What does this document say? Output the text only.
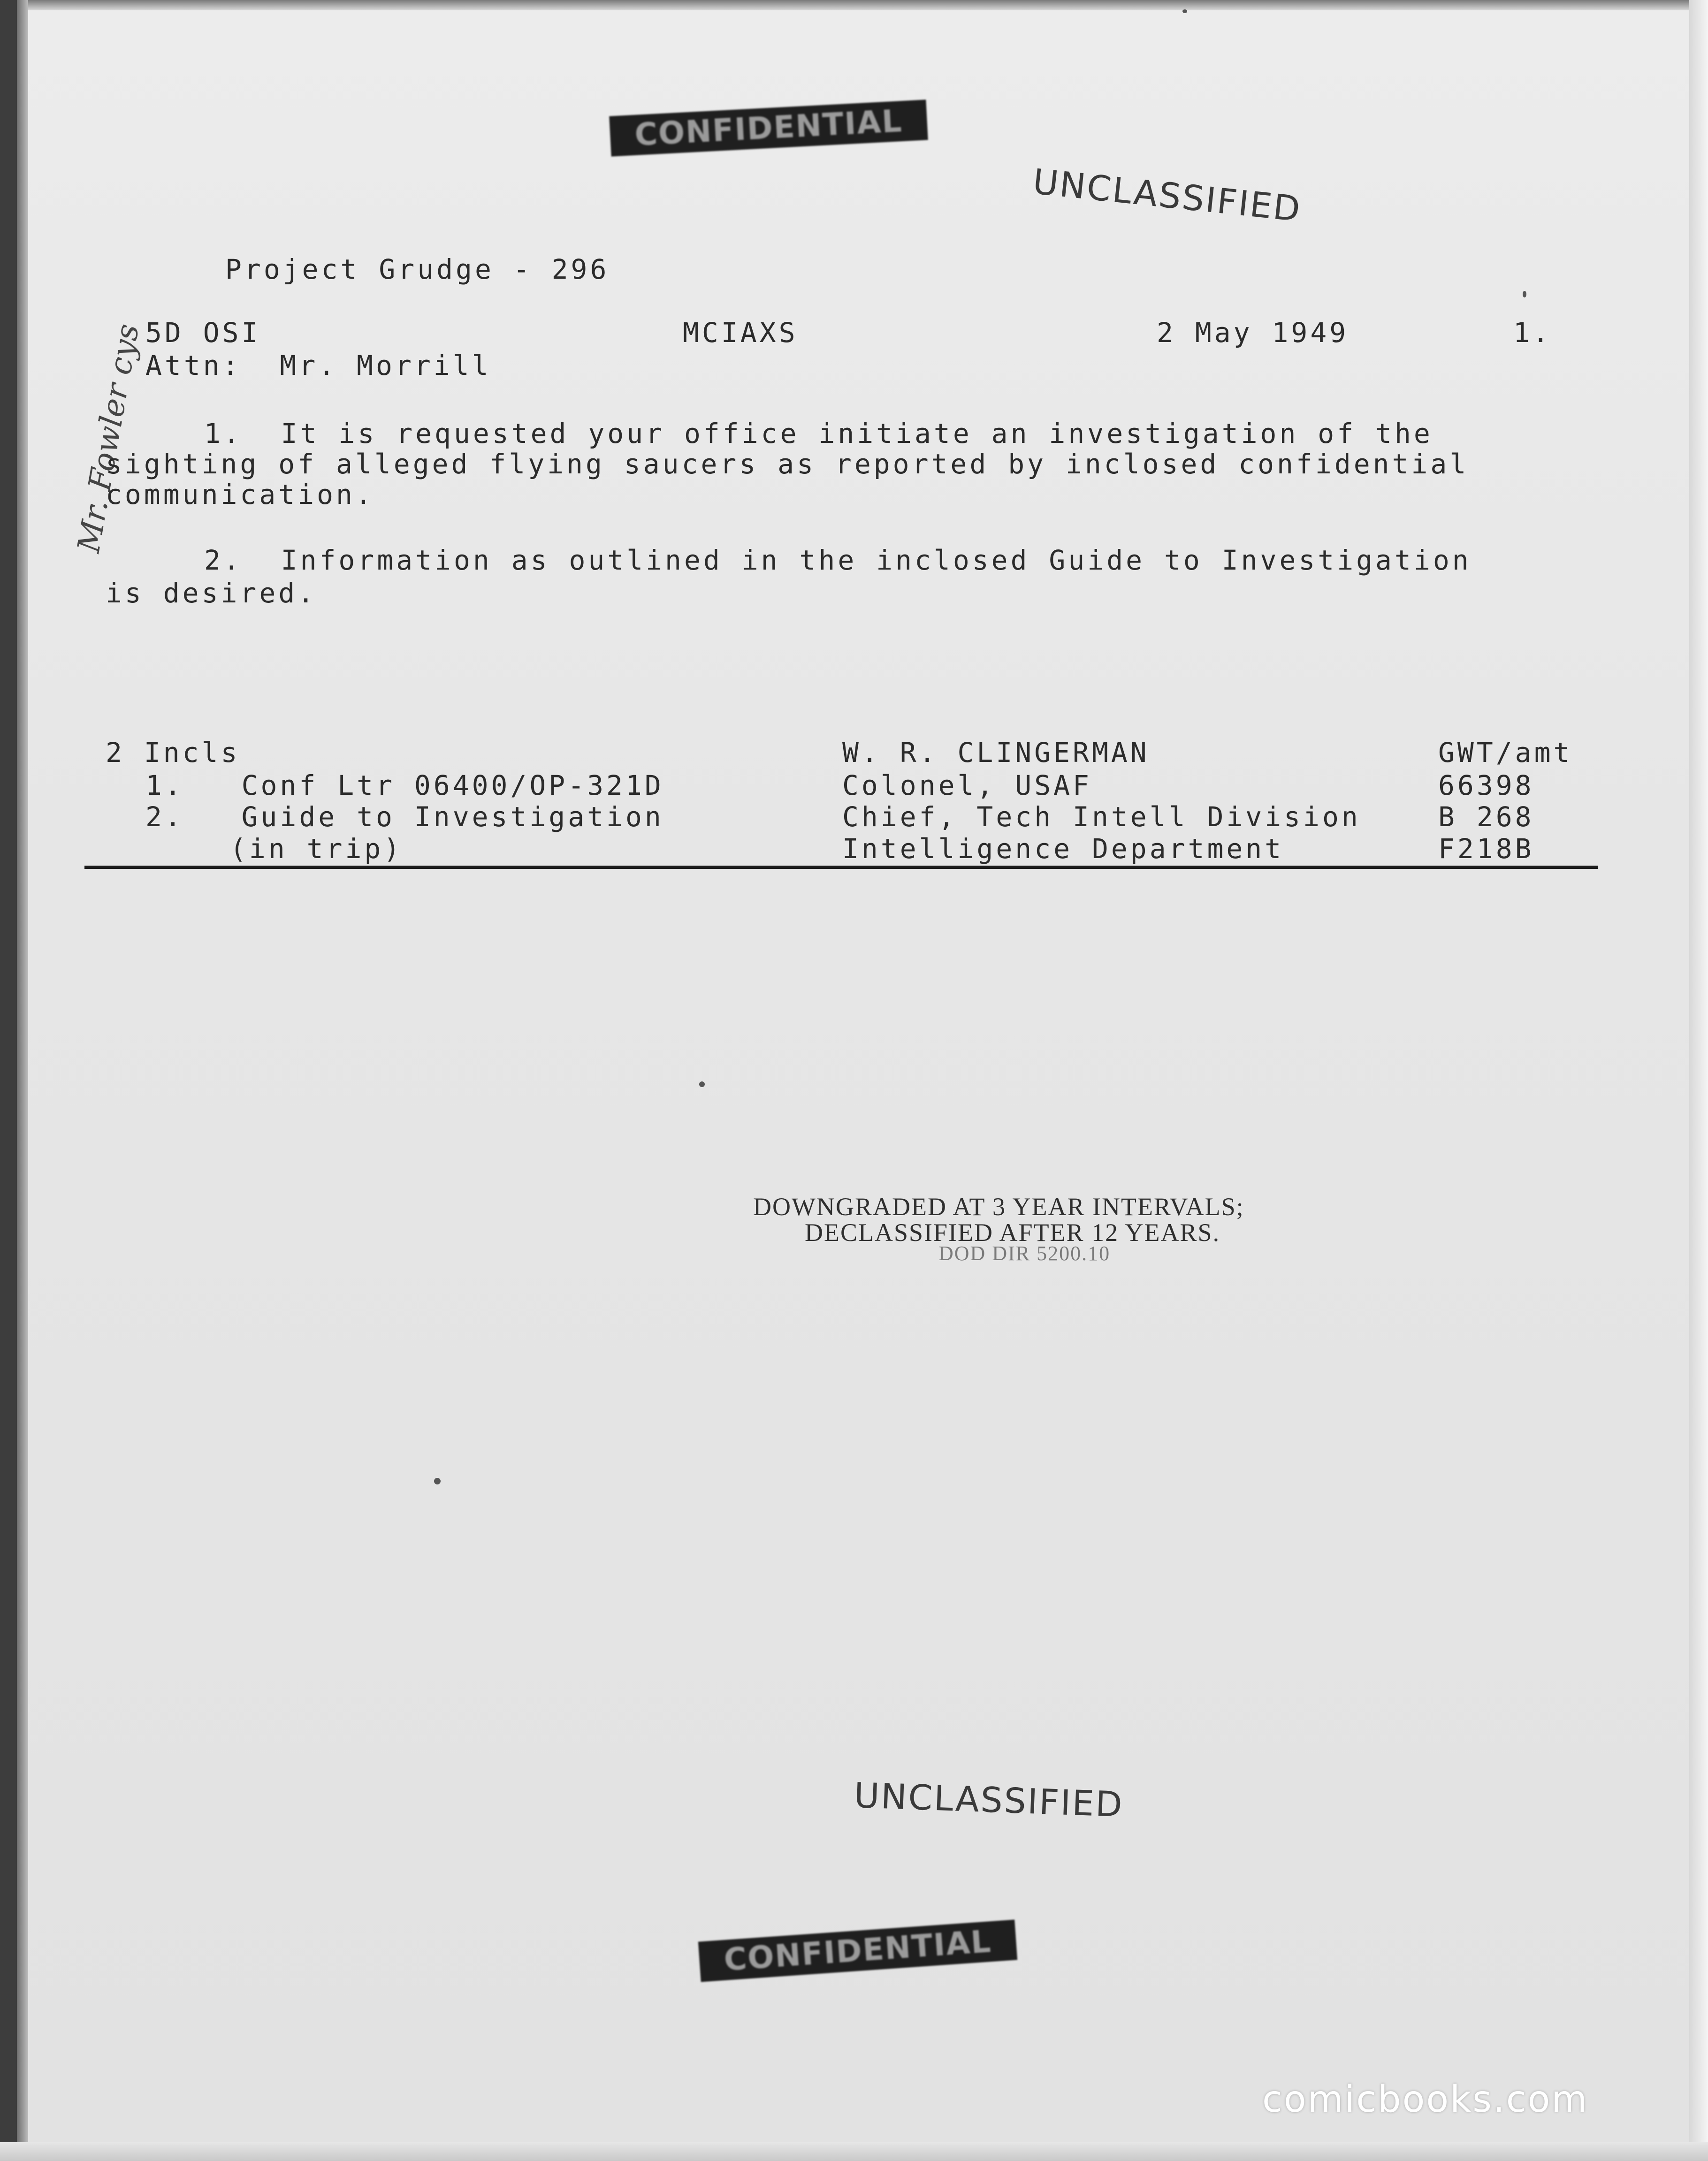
CONFIDENTIAL
UNCLASSIFIED
Mr. Fowler cys
Project Grudge - 296
5D OSI
Attn:  Mr. Morrill
MCIAXS	2 May 1949	1.
1.  It is requested your office initiate an investigation of the
sighting of alleged flying saucers as reported by inclosed confidential
communication.
2.  Information as outlined in the inclosed Guide to Investigation
is desired.
2 Incls
1.   Conf Ltr 06400/OP-321D
2.   Guide to Investigation
(in trip)
W. R. CLINGERMAN
Colonel, USAF
Chief, Tech Intell Division
Intelligence Department
GWT/amt
66398
B 268
F218B
DOWNGRADED AT 3 YEAR INTERVALS;
DECLASSIFIED AFTER 12 YEARS.
DOD DIR 5200.10
UNCLASSIFIED
CONFIDENTIAL
comicbooks.com
